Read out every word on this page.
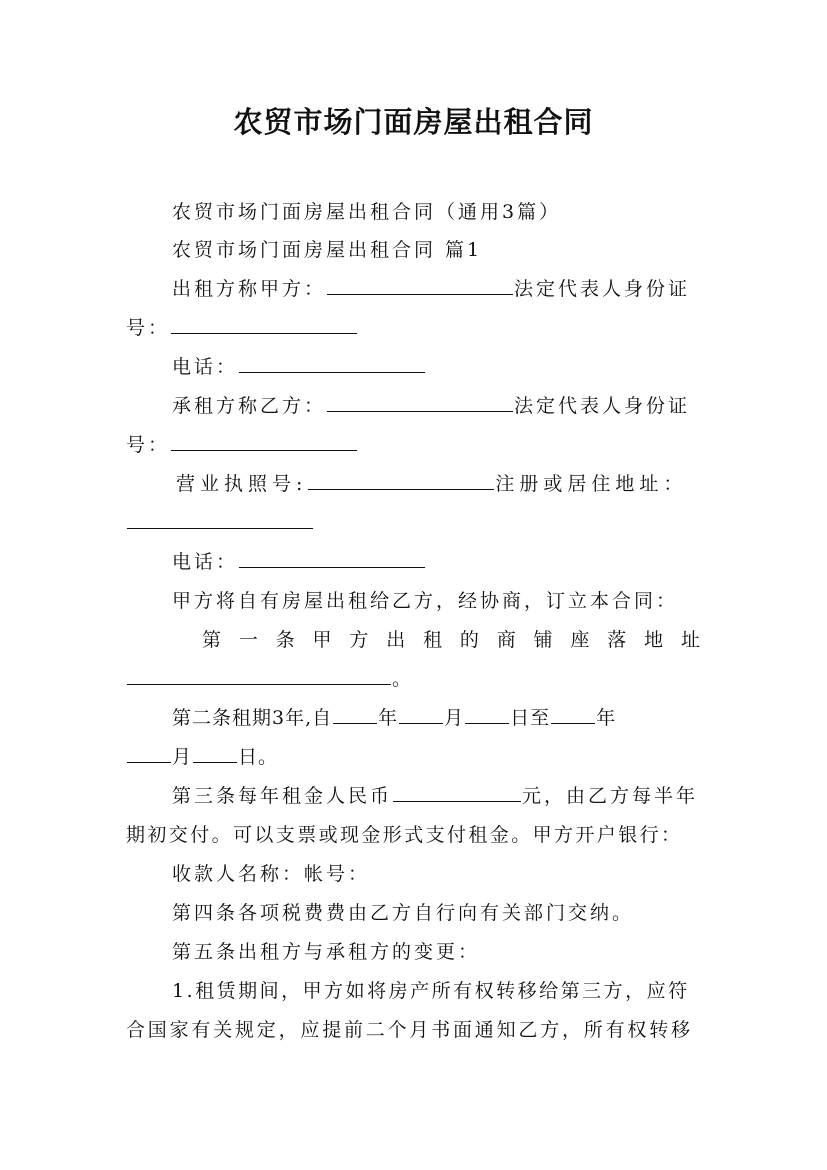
农贸市场门面房屋出租合同
农贸市场门面房屋出租合同（通用3篇）
农贸市场门面房屋出租合同 篇1
出租方称甲方：	法定代表人身份证
号：
电话：
承租方称乙方：	法定代表人身份证
号：
营业执照号:	注册或居住地址：
电话：
甲方将自有房屋出租给乙方，经协商，订立本合同：
第 一 条 甲 方 出 租 的 商 铺 座 落 地 址
。
第二条租期3年,自 年 月 日至 年
月 日。
第三条每年租金人民币	元，由乙方每半年
期初交付。可以支票或现金形式支付租金。甲方开户银行：
收款人名称：帐号：
第四条各项税费费由乙方自行向有关部门交纳。
第五条出租方与承租方的变更：
1.租赁期间，甲方如将房产所有权转移给第三方，应符
合国家有关规定，应提前二个月书面通知乙方，所有权转移
